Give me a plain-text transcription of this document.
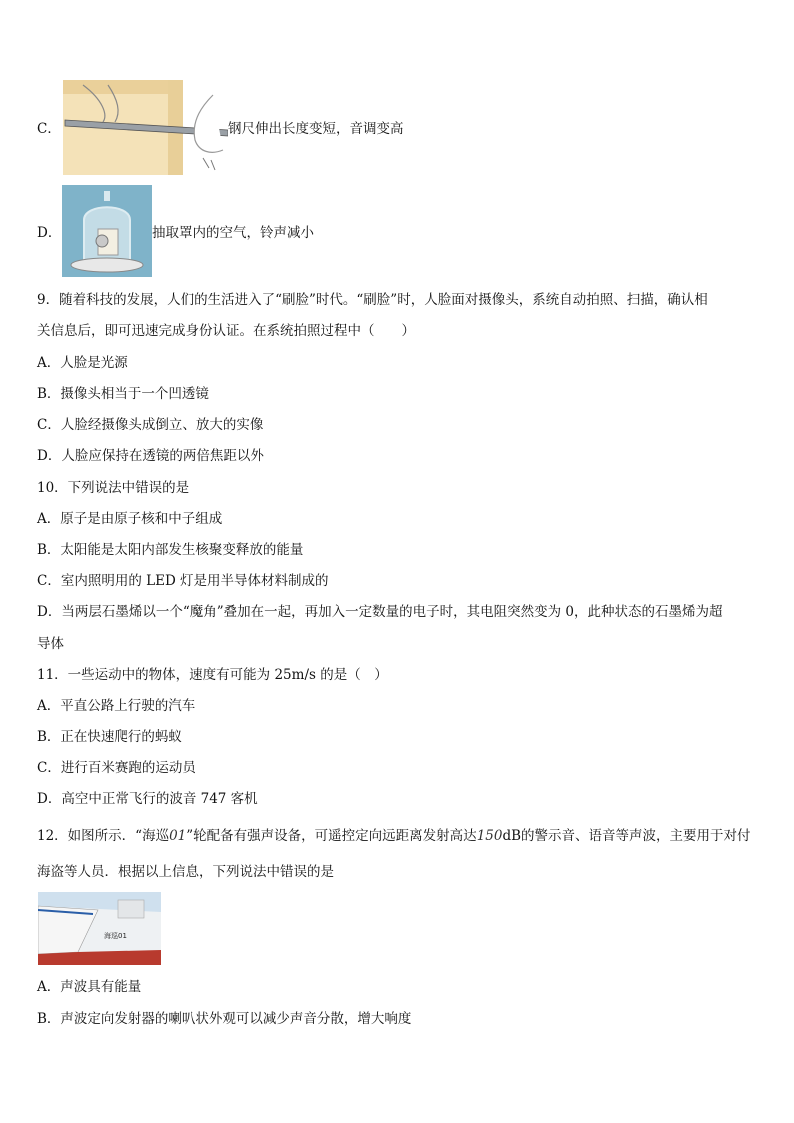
C．	钢尺伸出长度变短，音调变高
D．	抽取罩内的空气，铃声减小
9．随着科技的发展，人们的生活进入了“刷脸”时代。“刷脸”时，人脸面对摄像头，系统自动拍照、扫描，确认相
关信息后，即可迅速完成身份认证。在系统拍照过程中（　　）
A．人脸是光源
B．摄像头相当于一个凹透镜
C．人脸经摄像头成倒立、放大的实像
D．人脸应保持在透镜的两倍焦距以外
10．下列说法中错误的是
A．原子是由原子核和中子组成
B．太阳能是太阳内部发生核聚变释放的能量
C．室内照明用的 LED 灯是用半导体材料制成的
D．当两层石墨烯以一个“魔角”叠加在一起，再加入一定数量的电子时，其电阻突然变为 0，此种状态的石墨烯为超
导体
11．一些运动中的物体，速度有可能为 25m/s 的是（　）
A．平直公路上行驶的汽车
B．正在快速爬行的蚂蚁
C．进行百米赛跑的运动员
D．高空中正常飞行的波音 747 客机
12．如图所示．“海巡01”轮配备有强声设备，可遥控定向远距离发射高达150dB的警示音、语音等声波，主要用于对付
海盗等人员．根据以上信息，下列说法中错误的是
海巡01
A．声波具有能量
B．声波定向发射器的喇叭状外观可以减少声音分散，增大响度
